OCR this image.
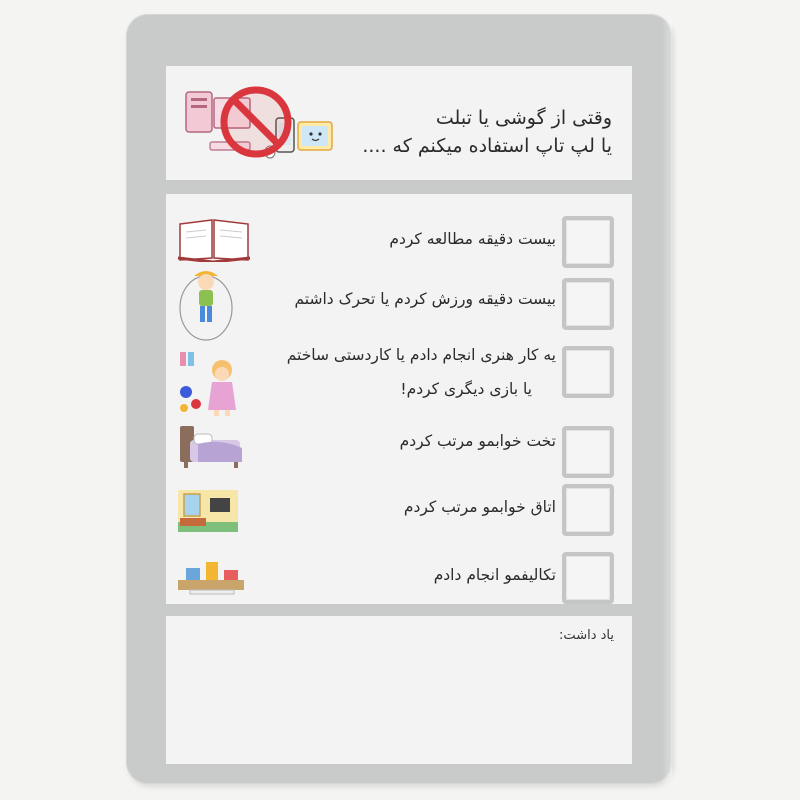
وقتی از گوشی یا تبلت
یا لپ تاپ استفاده میکنم که ....
بیست دقیقه مطالعه کردم
بیست دقیقه ورزش کردم یا تحرک داشتم
یه کار هنری انجام دادم یا کاردستی ساختم
یا بازی دیگری کردم!
تخت خوابمو مرتب کردم
اتاق خوابمو مرتب کردم
تکالیفمو انجام دادم
یاد داشت:
